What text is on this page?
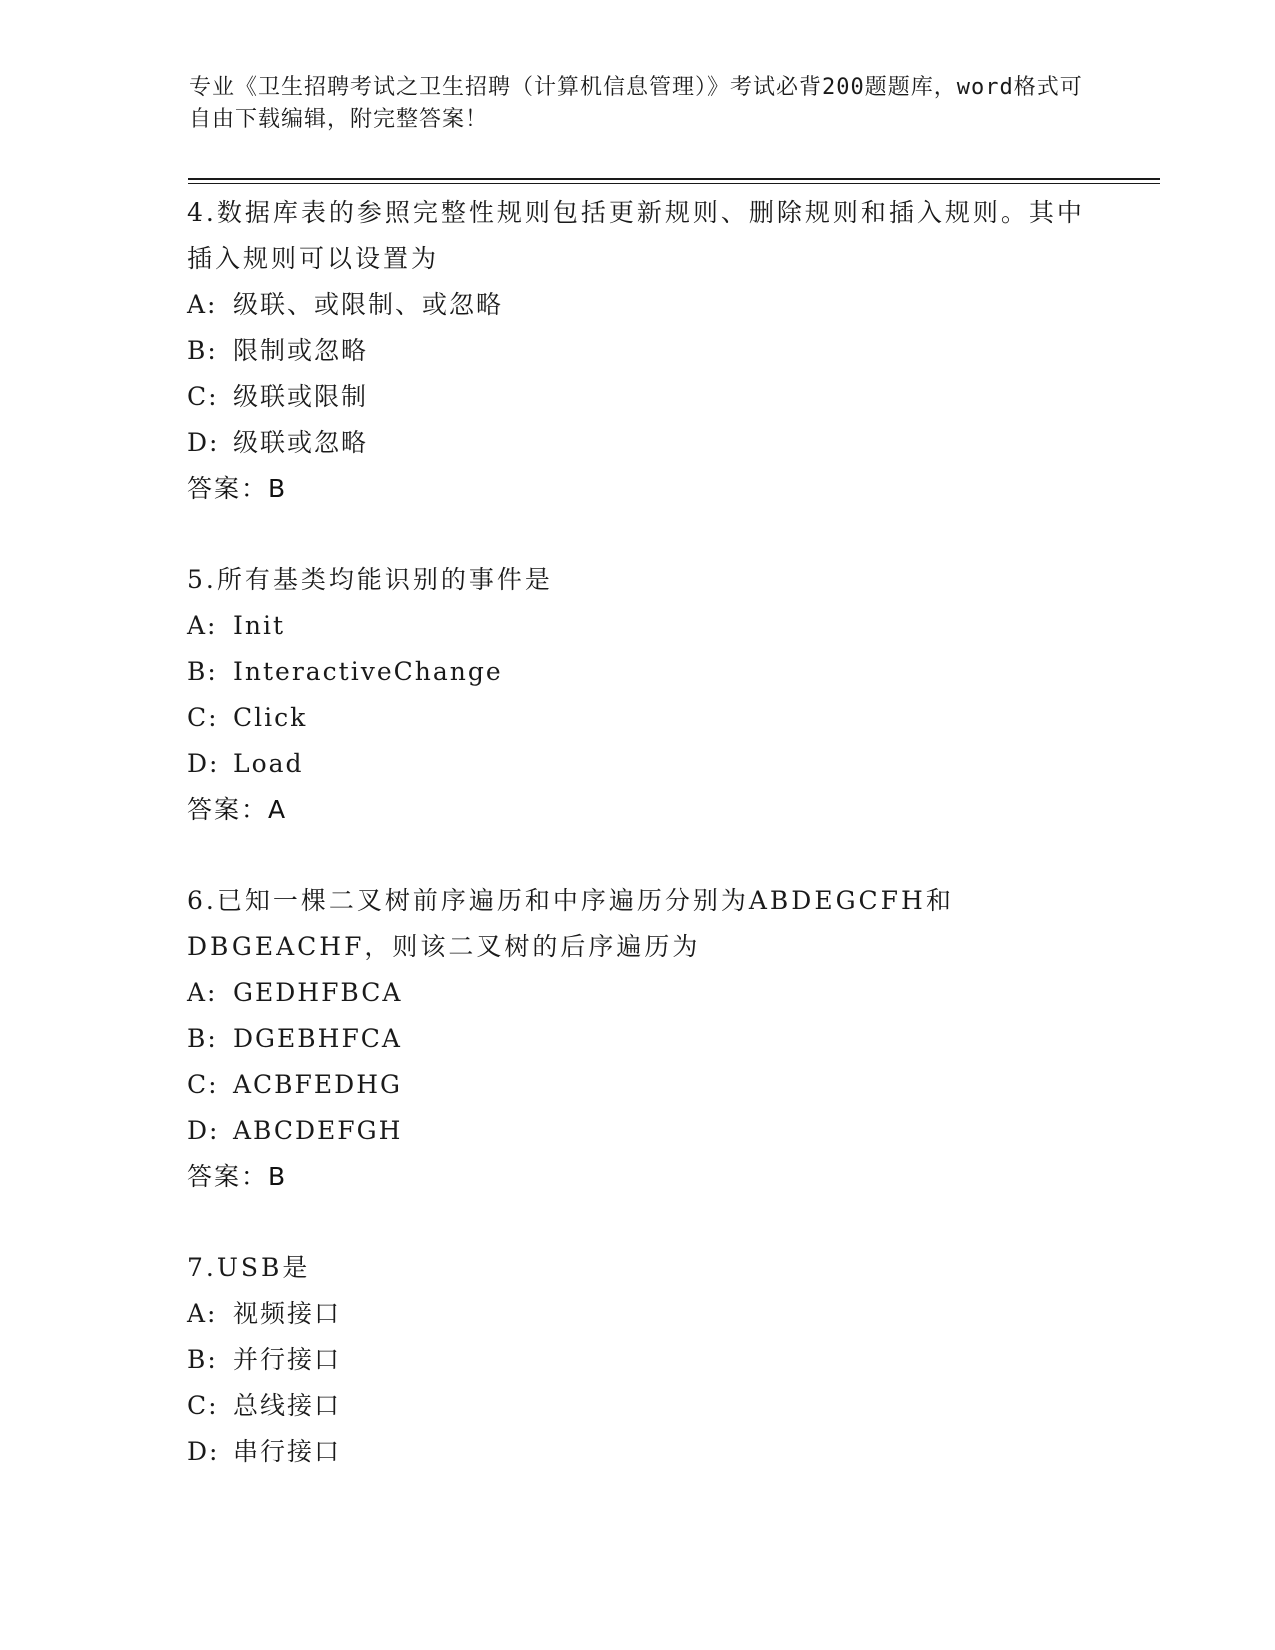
专业《卫生招聘考试之卫生招聘（计算机信息管理）》考试必背200题题库，word格式可自由下载编辑，附完整答案！
4.数据库表的参照完整性规则包括更新规则、删除规则和插入规则。其中插入规则可以设置为
A: 级联、或限制、或忽略
B: 限制或忽略
C: 级联或限制
D: 级联或忽略
答案：B
5.所有基类均能识别的事件是
A: Init
B: InteractiveChange
C: Click
D: Load
答案：A
6.已知一棵二叉树前序遍历和中序遍历分别为ABDEGCFH和DBGEACHF，则该二叉树的后序遍历为
A: GEDHFBCA
B: DGEBHFCA
C: ACBFEDHG
D: ABCDEFGH
答案：B
7.USB是
A: 视频接口
B: 并行接口
C: 总线接口
D: 串行接口
